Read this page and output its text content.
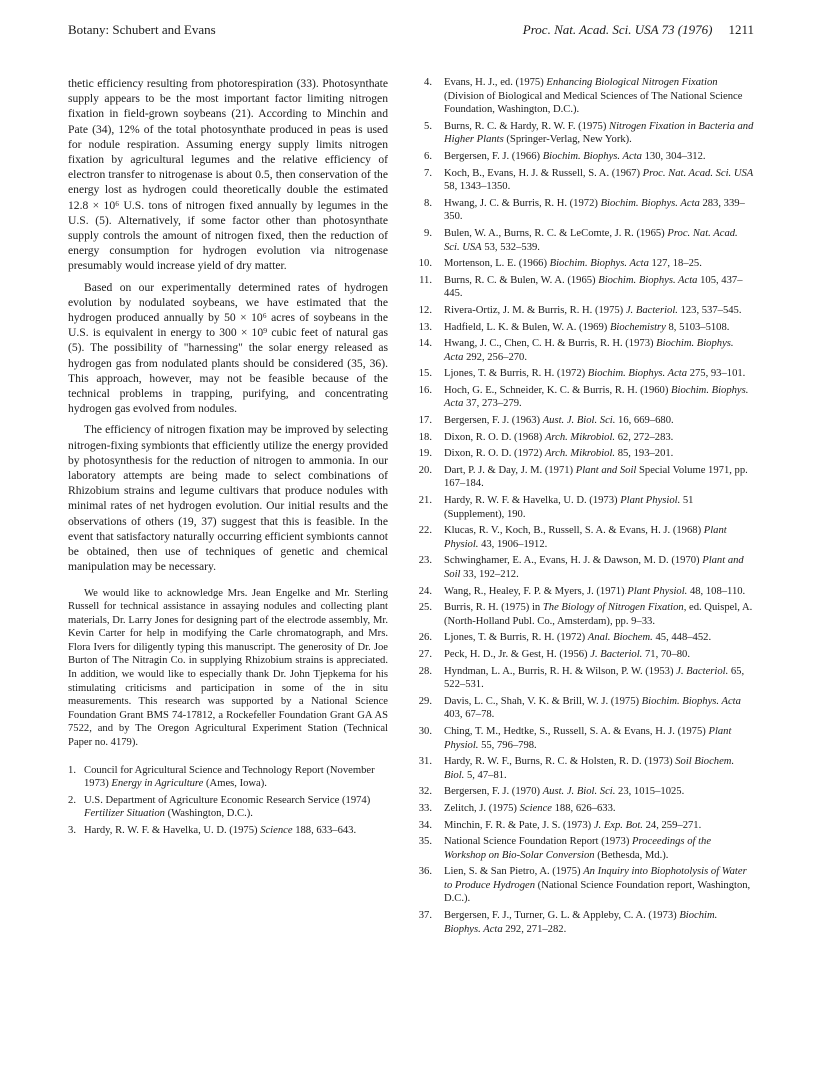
Botany: Schubert and Evans	Proc. Nat. Acad. Sci. USA 73 (1976) 1211

thetic efficiency resulting from photorespiration (33). Photosynthate supply appears to be the most important factor limiting nitrogen fixation in field-grown soybeans (21). According to Minchin and Pate (34), 12% of the total photosynthate produced in peas is used for nodule respiration. Assuming energy supply limits nitrogen fixation by agricultural legumes and the relative efficiency of electron transfer to nitrogenase is about 0.5, then conservation of the energy lost as hydrogen could theoretically double the estimated 12.8 × 10⁶ U.S. tons of nitrogen fixed annually by legumes in the U.S. (5). Alternatively, if some factor other than photosynthate supply controls the amount of nitrogen fixed, then the reduction of energy consumption for hydrogen evolution via nitrogenase presumably would increase yield of dry matter.

Based on our experimentally determined rates of hydrogen evolution by nodulated soybeans, we have estimated that the hydrogen produced annually by 50 × 10⁶ acres of soybeans in the U.S. is equivalent in energy to 300 × 10⁹ cubic feet of natural gas (5). The possibility of "harnessing" the solar energy released as hydrogen gas from nodulated plants should be considered (35, 36). This approach, however, may not be feasible because of the technical problems in trapping, purifying, and concentrating hydrogen gas evolved from nodules.

The efficiency of nitrogen fixation may be improved by selecting nitrogen-fixing symbionts that efficiently utilize the energy provided by photosynthesis for the reduction of nitrogen to ammonia. In our laboratory attempts are being made to select combinations of Rhizobium strains and legume cultivars that produce nodules with minimal rates of net hydrogen evolution. Our initial results and the observations of others (19, 37) suggest that this is feasible. In the event that satisfactory naturally occurring efficient symbionts cannot be obtained, then use of techniques of genetic and chemical manipulation may be necessary.

We would like to acknowledge Mrs. Jean Engelke and Mr. Sterling Russell for technical assistance in assaying nodules and collecting plant materials, Dr. Larry Jones for designing part of the electrode assembly, Mr. Kevin Carter for help in modifying the Carle chromatograph, and Mrs. Flora Ivers for diligently typing this manuscript. The generosity of Dr. Joe Burton of The Nitragin Co. in supplying Rhizobium strains is appreciated. In addition, we would like to especially thank Dr. John Tjepkema for his stimulating criticisms and participation in some of the in situ measurements. This research was supported by a National Science Foundation Grant BMS 74-17812, a Rockefeller Foundation Grant GA AS 7522, and by The Oregon Agricultural Experiment Station (Technical Paper no. 4179).

1. Council for Agricultural Science and Technology Report (November 1973) Energy in Agriculture (Ames, Iowa).
2. U.S. Department of Agriculture Economic Research Service (1974) Fertilizer Situation (Washington, D.C.).
3. Hardy, R. W. F. & Havelka, U. D. (1975) Science 188, 633–643.
4. Evans, H. J., ed. (1975) Enhancing Biological Nitrogen Fixation (Division of Biological and Medical Sciences of The National Science Foundation, Washington, D.C.).
5. Burns, R. C. & Hardy, R. W. F. (1975) Nitrogen Fixation in Bacteria and Higher Plants (Springer-Verlag, New York).
6. Bergersen, F. J. (1966) Biochim. Biophys. Acta 130, 304–312.
7. Koch, B., Evans, H. J. & Russell, S. A. (1967) Proc. Nat. Acad. Sci. USA 58, 1343–1350.
8. Hwang, J. C. & Burris, R. H. (1972) Biochim. Biophys. Acta 283, 339–350.
9. Bulen, W. A., Burns, R. C. & LeComte, J. R. (1965) Proc. Nat. Acad. Sci. USA 53, 532–539.
10. Mortenson, L. E. (1966) Biochim. Biophys. Acta 127, 18–25.
11. Burns, R. C. & Bulen, W. A. (1965) Biochim. Biophys. Acta 105, 437–445.
12. Rivera-Ortiz, J. M. & Burris, R. H. (1975) J. Bacteriol. 123, 537–545.
13. Hadfield, L. K. & Bulen, W. A. (1969) Biochemistry 8, 5103–5108.
14. Hwang, J. C., Chen, C. H. & Burris, R. H. (1973) Biochim. Biophys. Acta 292, 256–270.
15. Ljones, T. & Burris, R. H. (1972) Biochim. Biophys. Acta 275, 93–101.
16. Hoch, G. E., Schneider, K. C. & Burris, R. H. (1960) Biochim. Biophys. Acta 37, 273–279.
17. Bergersen, F. J. (1963) Aust. J. Biol. Sci. 16, 669–680.
18. Dixon, R. O. D. (1968) Arch. Mikrobiol. 62, 272–283.
19. Dixon, R. O. D. (1972) Arch. Mikrobiol. 85, 193–201.
20. Dart, P. J. & Day, J. M. (1971) Plant and Soil Special Volume 1971, pp. 167–184.
21. Hardy, R. W. F. & Havelka, U. D. (1973) Plant Physiol. 51 (Supplement), 190.
22. Klucas, R. V., Koch, B., Russell, S. A. & Evans, H. J. (1968) Plant Physiol. 43, 1906–1912.
23. Schwinghamer, E. A., Evans, H. J. & Dawson, M. D. (1970) Plant and Soil 33, 192–212.
24. Wang, R., Healey, F. P. & Myers, J. (1971) Plant Physiol. 48, 108–110.
25. Burris, R. H. (1975) in The Biology of Nitrogen Fixation, ed. Quispel, A. (North-Holland Publ. Co., Amsterdam), pp. 9–33.
26. Ljones, T. & Burris, R. H. (1972) Anal. Biochem. 45, 448–452.
27. Peck, H. D., Jr. & Gest, H. (1956) J. Bacteriol. 71, 70–80.
28. Hyndman, L. A., Burris, R. H. & Wilson, P. W. (1953) J. Bacteriol. 65, 522–531.
29. Davis, L. C., Shah, V. K. & Brill, W. J. (1975) Biochim. Biophys. Acta 403, 67–78.
30. Ching, T. M., Hedtke, S., Russell, S. A. & Evans, H. J. (1975) Plant Physiol. 55, 796–798.
31. Hardy, R. W. F., Burns, R. C. & Holsten, R. D. (1973) Soil Biochem. Biol. 5, 47–81.
32. Bergersen, F. J. (1970) Aust. J. Biol. Sci. 23, 1015–1025.
33. Zelitch, J. (1975) Science 188, 626–633.
34. Minchin, F. R. & Pate, J. S. (1973) J. Exp. Bot. 24, 259–271.
35. National Science Foundation Report (1973) Proceedings of the Workshop on Bio-Solar Conversion (Bethesda, Md.).
36. Lien, S. & San Pietro, A. (1975) An Inquiry into Biophotolysis of Water to Produce Hydrogen (National Science Foundation report, Washington, D.C.).
37. Bergersen, F. J., Turner, G. L. & Appleby, C. A. (1973) Biochim. Biophys. Acta 292, 271–282.
